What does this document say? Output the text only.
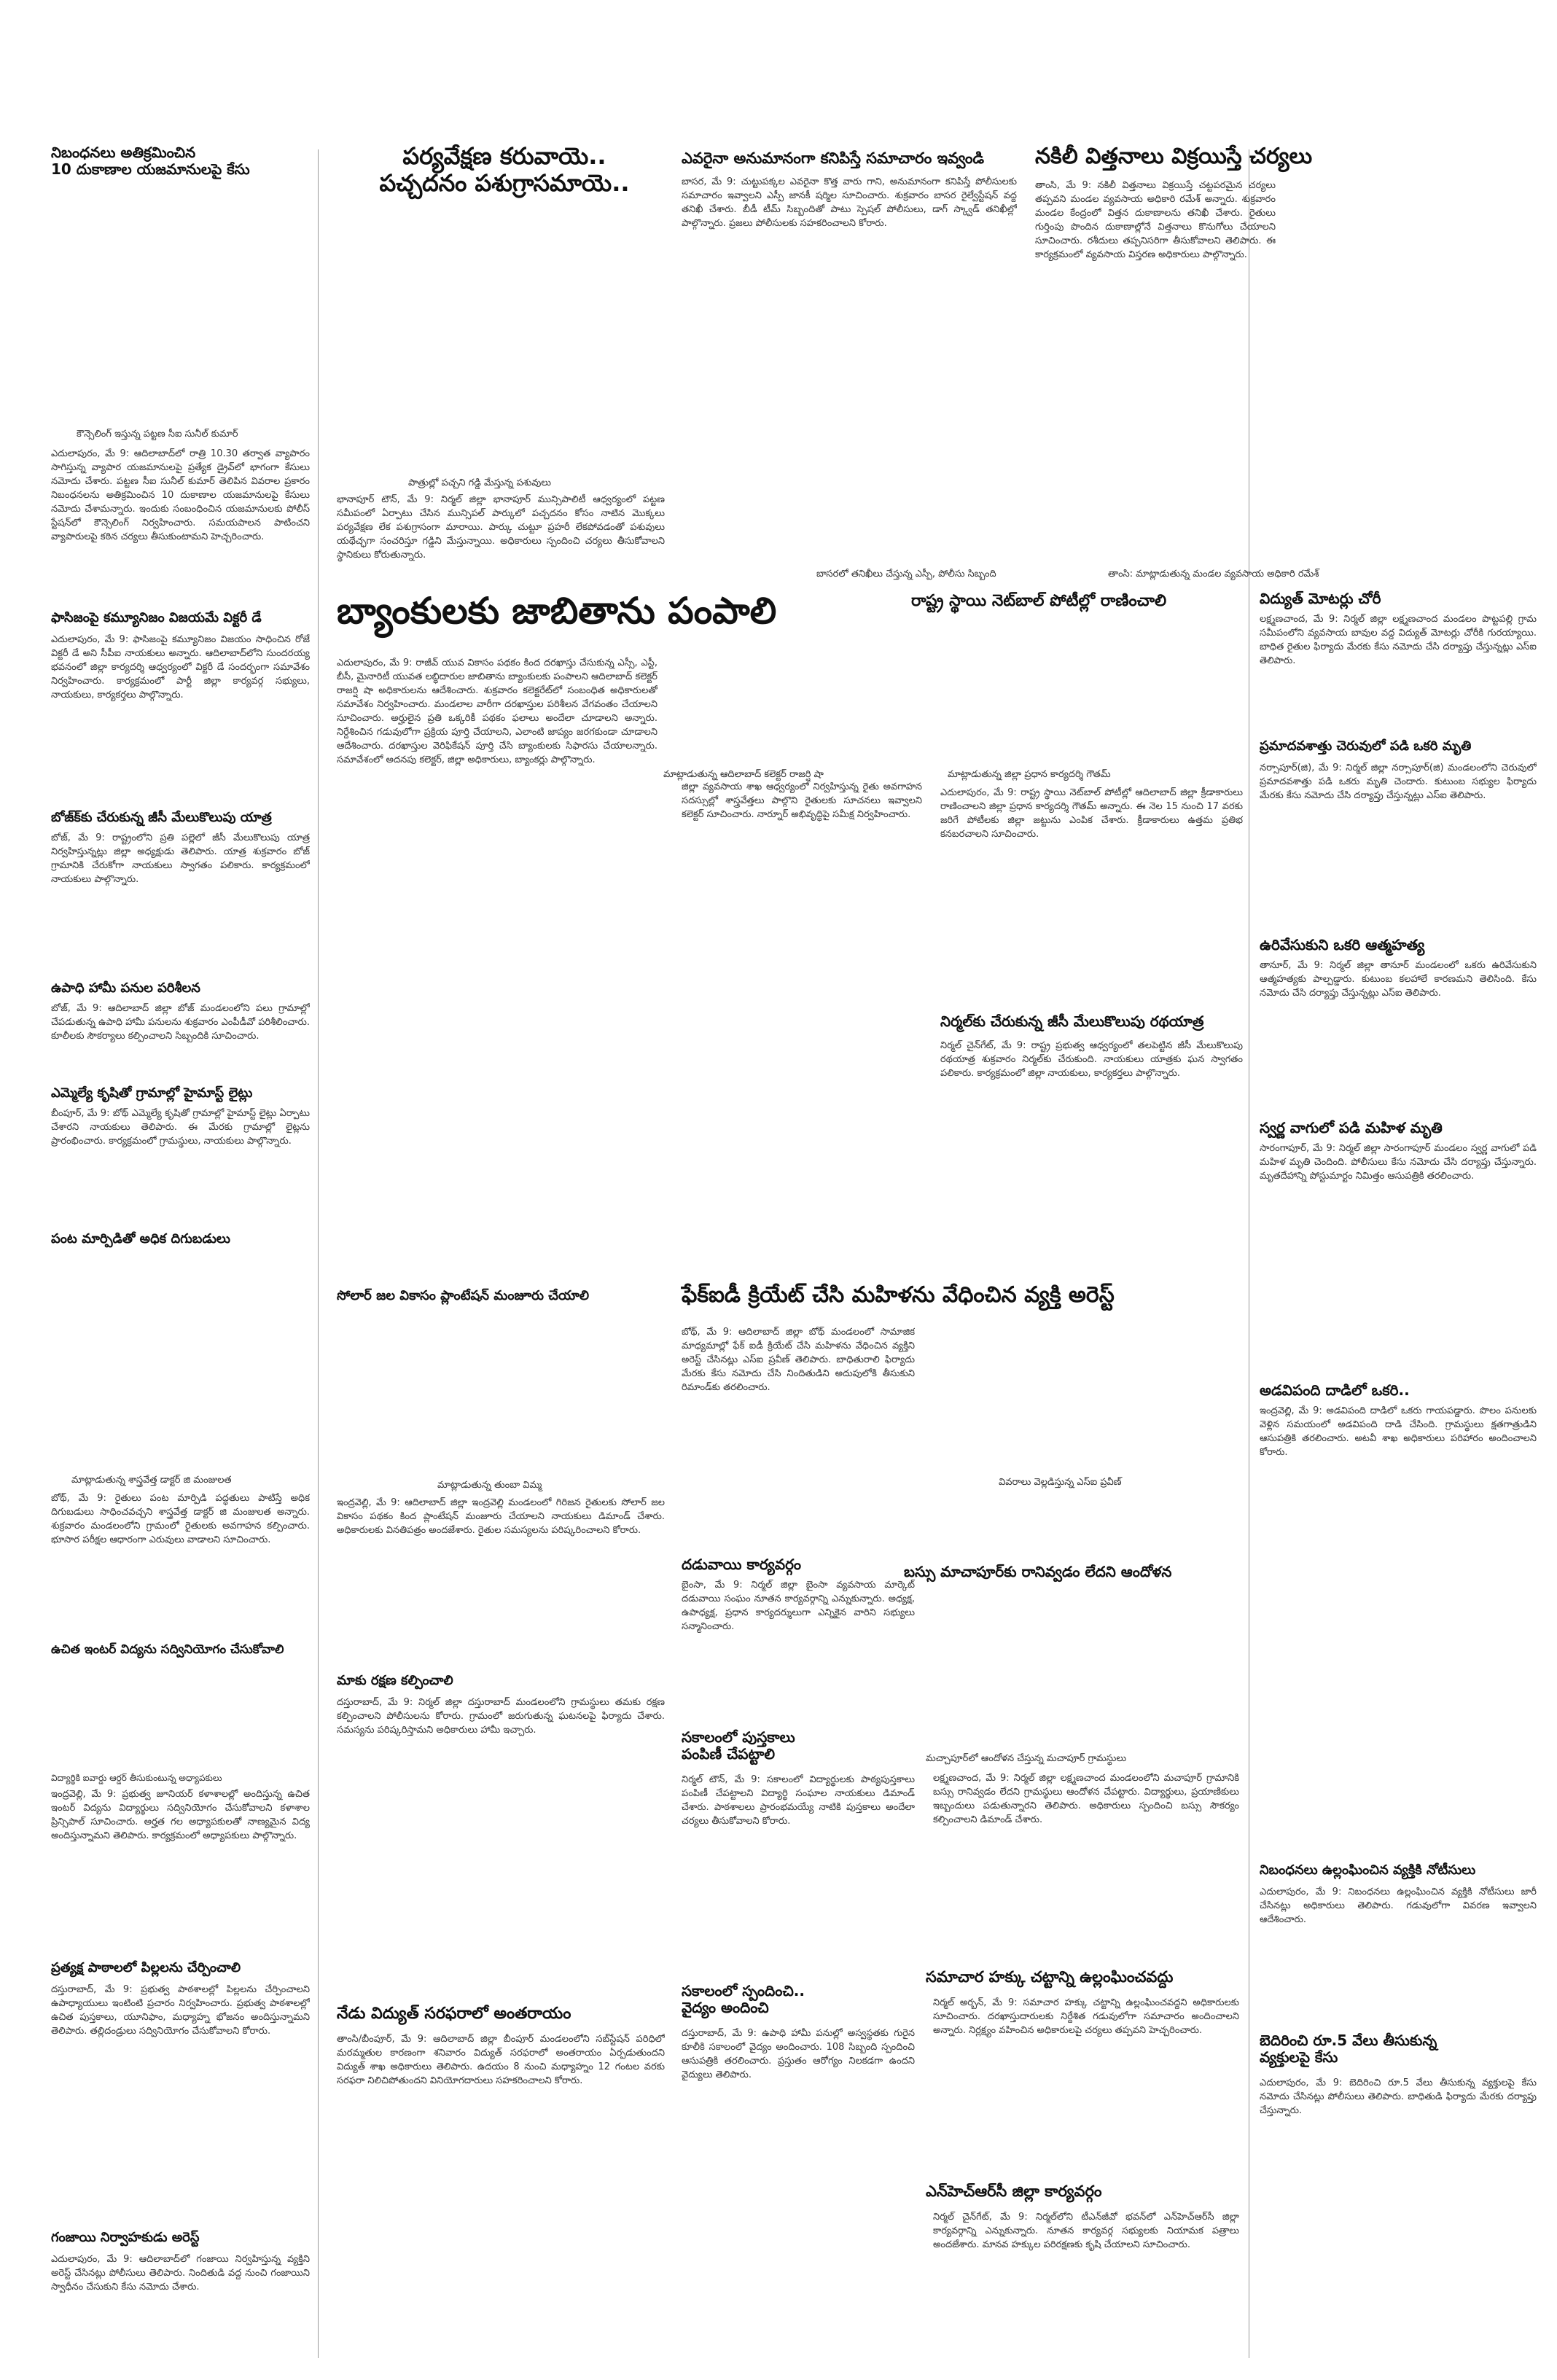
నిబంధనలు అతిక్రమించిన
10 దుకాణాల యజమానులపై కేసు
కౌన్సెలింగ్ ఇస్తున్న పట్టణ సీఐ సునీల్ కుమార్
ఎదులాపురం, మే 9: ఆదిలాబాద్‌లో రాత్రి 10.30 తర్వాత వ్యాపారం సాగిస్తున్న వ్యాపార యజమానులపై ప్రత్యేక డ్రైవ్‌లో భాగంగా కేసులు నమోదు చేశారు. పట్టణ సీఐ సునీల్ కుమార్ తెలిపిన వివరాల ప్రకారం నిబంధనలను అతిక్రమించిన 10 దుకాణాల యజమానులపై కేసులు నమోదు చేశామన్నారు. ఇందుకు సంబంధించిన యజమానులకు పోలీస్ స్టేషన్‌లో కౌన్సెలింగ్ నిర్వహించారు. సమయపాలన పాటించని వ్యాపారులపై కఠిన చర్యలు తీసుకుంటామని హెచ్చరించారు.
ఫాసిజంపై కమ్యూనిజం విజయమే విక్టరీ డే
ఎదులాపురం, మే 9: ఫాసిజంపై కమ్యూనిజం విజయం సాధించిన రోజే విక్టరీ డే అని సీపీఐ నాయకులు అన్నారు. ఆదిలాబాద్‌లోని సుందరయ్య భవనంలో జిల్లా కార్యదర్శి ఆధ్వర్యంలో విక్టరీ డే సందర్భంగా సమావేశం నిర్వహించారు. కార్యక్రమంలో పార్టీ జిల్లా కార్యవర్గ సభ్యులు, నాయకులు, కార్యకర్తలు పాల్గొన్నారు.
బోజ్‌క్‌కు చేరుకున్న జీసీ మేలుకొలుపు యాత్ర
బోజ్, మే 9: రాష్ట్రంలోని ప్రతి పల్లెలో జీసీ మేలుకొలుపు యాత్ర నిర్వహిస్తున్నట్లు జిల్లా అధ్యక్షుడు తెలిపారు. యాత్ర శుక్రవారం బోజ్ గ్రామానికి చేరుకోగా నాయకులు స్వాగతం పలికారు. కార్యక్రమంలో నాయకులు పాల్గొన్నారు.
ఉపాధి హామీ పనుల పరిశీలన
బోజ్, మే 9: ఆదిలాబాద్ జిల్లా బోజ్ మండలంలోని పలు గ్రామాల్లో చేపడుతున్న ఉపాధి హామీ పనులను శుక్రవారం ఎంపీడీవో పరిశీలించారు. కూలీలకు సౌకర్యాలు కల్పించాలని సిబ్బందికి సూచించారు.
ఎమ్మెల్యే కృషితో గ్రామాల్లో హైమాస్ట్ లైట్లు
బీంపూర్, మే 9: బోథ్ ఎమ్మెల్యే కృషితో గ్రామాల్లో హైమాస్ట్ లైట్లు ఏర్పాటు చేశారని నాయకులు తెలిపారు. ఈ మేరకు గ్రామాల్లో లైట్లను ప్రారంభించారు. కార్యక్రమంలో గ్రామస్థులు, నాయకులు పాల్గొన్నారు.
పంట మార్పిడితో అధిక దిగుబడులు
మాట్లాడుతున్న శాస్త్రవేత్త డాక్టర్ జి మంజులత
బోథ్, మే 9: రైతులు పంట మార్పిడి పద్ధతులు పాటిస్తే అధిక దిగుబడులు సాధించవచ్చని శాస్త్రవేత్త డాక్టర్ జి మంజులత అన్నారు. శుక్రవారం మండలంలోని గ్రామంలో రైతులకు అవగాహన కల్పించారు. భూసార పరీక్షల ఆధారంగా ఎరువులు వాడాలని సూచించారు.
ఉచిత ఇంటర్ విద్యను సద్వినియోగం చేసుకోవాలి
విద్యార్థికి ఐవార్డు ఆర్డర్ తీసుకుంటున్న అధ్యాపకులు
ఇంద్రవెల్లి, మే 9: ప్రభుత్వ జూనియర్ కళాశాలల్లో అందిస్తున్న ఉచిత ఇంటర్ విద్యను విద్యార్థులు సద్వినియోగం చేసుకోవాలని కళాశాల ప్రిన్సిపాల్ సూచించారు. అర్హత గల అధ్యాపకులతో నాణ్యమైన విద్య అందిస్తున్నామని తెలిపారు. కార్యక్రమంలో అధ్యాపకులు పాల్గొన్నారు.
ప్రత్యక్ష పాఠాలలో పిల్లలను చేర్పించాలి
దస్తురాబాద్, మే 9: ప్రభుత్వ పాఠశాలల్లో పిల్లలను చేర్పించాలని ఉపాధ్యాయులు ఇంటింటి ప్రచారం నిర్వహించారు. ప్రభుత్వ పాఠశాలల్లో ఉచిత పుస్తకాలు, యూనిఫాం, మధ్యాహ్న భోజనం అందిస్తున్నామని తెలిపారు. తల్లిదండ్రులు సద్వినియోగం చేసుకోవాలని కోరారు.
గంజాయి నిర్వాహకుడు అరెస్ట్
ఎదులాపురం, మే 9: ఆదిలాబాద్‌లో గంజాయి నిర్వహిస్తున్న వ్యక్తిని అరెస్ట్ చేసినట్లు పోలీసులు తెలిపారు. నిందితుడి వద్ద నుంచి గంజాయిని స్వాధీనం చేసుకుని కేసు నమోదు చేశారు.
పర్యవేక్షణ కరువాయె..
పచ్చదనం పశుగ్రాసమాయె..
పాత్రుల్లో పచ్చని గడ్డి మేస్తున్న పశువులు
భానాపూర్ టౌన్, మే 9: నిర్మల్ జిల్లా భానాపూర్ మున్సిపాలిటీ ఆధ్వర్యంలో పట్టణ సమీపంలో ఏర్పాటు చేసిన మున్సిపల్ పార్కులో పచ్చదనం కోసం నాటిన మొక్కలు పర్యవేక్షణ లేక పశుగ్రాసంగా మారాయి. పార్కు చుట్టూ ప్రహరీ లేకపోవడంతో పశువులు యథేచ్ఛగా సంచరిస్తూ గడ్డిని మేస్తున్నాయి. అధికారులు స్పందించి చర్యలు తీసుకోవాలని స్థానికులు కోరుతున్నారు.
బ్యాంకులకు జాబితాను పంపాలి
ఎదులాపురం, మే 9: రాజీవ్ యువ వికాసం పథకం కింద దరఖాస్తు చేసుకున్న ఎస్సీ, ఎస్టీ, బీసీ, మైనారిటీ యువత లబ్ధిదారుల జాబితాను బ్యాంకులకు పంపాలని ఆదిలాబాద్ కలెక్టర్ రాజర్షి షా అధికారులను ఆదేశించారు. శుక్రవారం కలెక్టరేట్‌లో సంబంధిత అధికారులతో సమావేశం నిర్వహించారు. మండలాల వారీగా దరఖాస్తుల పరిశీలన వేగవంతం చేయాలని సూచించారు. అర్హులైన ప్రతి ఒక్కరికీ పథకం ఫలాలు అందేలా చూడాలని అన్నారు. నిర్దేశించిన గడువులోగా ప్రక్రియ పూర్తి చేయాలని, ఎలాంటి జాప్యం జరగకుండా చూడాలని ఆదేశించారు. దరఖాస్తుల వెరిఫికేషన్ పూర్తి చేసి బ్యాంకులకు సిఫారసు చేయాలన్నారు. సమావేశంలో అదనపు కలెక్టర్, జిల్లా అధికారులు, బ్యాంకర్లు పాల్గొన్నారు.
సోలార్ జల వికాసం ప్లాంటేషన్ మంజూరు చేయాలి
మాట్లాడుతున్న తుంబా విమ్మ
ఇంద్రవెల్లి, మే 9: ఆదిలాబాద్ జిల్లా ఇంద్రవెల్లి మండలంలో గిరిజన రైతులకు సోలార్ జల వికాసం పథకం కింద ప్లాంటేషన్ మంజూరు చేయాలని నాయకులు డిమాండ్ చేశారు. అధికారులకు వినతిపత్రం అందజేశారు. రైతుల సమస్యలను పరిష్కరించాలని కోరారు.
మాకు రక్షణ కల్పించాలి
దస్తురాబాద్, మే 9: నిర్మల్ జిల్లా దస్తురాబాద్ మండలంలోని గ్రామస్థులు తమకు రక్షణ కల్పించాలని పోలీసులను కోరారు. గ్రామంలో జరుగుతున్న ఘటనలపై ఫిర్యాదు చేశారు. సమస్యను పరిష్కరిస్తామని అధికారులు హామీ ఇచ్చారు.
నేడు విద్యుత్ సరఫరాలో అంతరాయం
తాంసి/బీంపూర్, మే 9: ఆదిలాబాద్ జిల్లా బీంపూర్ మండలంలోని సబ్‌స్టేషన్ పరిధిలో మరమ్మతుల కారణంగా శనివారం విద్యుత్ సరఫరాలో అంతరాయం ఏర్పడుతుందని విద్యుత్ శాఖ అధికారులు తెలిపారు. ఉదయం 8 నుంచి మధ్యాహ్నం 12 గంటల వరకు సరఫరా నిలిచిపోతుందని వినియోగదారులు సహకరించాలని కోరారు.
ఎవరైనా అనుమానంగా కనిపిస్తే సమాచారం ఇవ్వండి
బాసర, మే 9: చుట్టుపక్కల ఎవరైనా కొత్త వారు గాని, అనుమానంగా కనిపిస్తే పోలీసులకు సమాచారం ఇవ్వాలని ఎస్పీ జానకీ షర్మిల సూచించారు. శుక్రవారం బాసర రైల్వేస్టేషన్ వద్ద తనిఖీ చేశారు. బీడీ టీమ్ సిబ్బందితో పాటు స్పెషల్ పోలీసులు, డాగ్ స్క్వాడ్ తనిఖీల్లో పాల్గొన్నారు. ప్రజలు పోలీసులకు సహకరించాలని కోరారు.
బాసరలో తనిఖీలు చేస్తున్న ఎస్పీ, పోలీసు సిబ్బంది
జిల్లా వ్యవసాయ శాఖ ఆధ్వర్యంలో నిర్వహిస్తున్న రైతు అవగాహన సదస్సుల్లో శాస్త్రవేత్తలు పాల్గొని రైతులకు సూచనలు ఇవ్వాలని కలెక్టర్ సూచించారు. నార్నూర్ అభివృద్ధిపై సమీక్ష నిర్వహించారు.
మాట్లాడుతున్న ఆదిలాబాద్ కలెక్టర్ రాజర్షి షా
రాష్ట్ర స్థాయి నెట్‌బాల్ పోటీల్లో రాణించాలి
మాట్లాడుతున్న జిల్లా ప్రధాన కార్యదర్శి గౌతమ్
ఎదులాపురం, మే 9: రాష్ట్ర స్థాయి నెట్‌బాల్ పోటీల్లో ఆదిలాబాద్ జిల్లా క్రీడాకారులు రాణించాలని జిల్లా ప్రధాన కార్యదర్శి గౌతమ్ అన్నారు. ఈ నెల 15 నుంచి 17 వరకు జరిగే పోటీలకు జిల్లా జట్టును ఎంపిక చేశారు. క్రీడాకారులు ఉత్తమ ప్రతిభ కనబరచాలని సూచించారు.
నిర్మల్‌కు చేరుకున్న జీసీ మేలుకొలుపు రథయాత్ర
నిర్మల్ చైన్‌గేట్, మే 9: రాష్ట్ర ప్రభుత్వ ఆధ్వర్యంలో తలపెట్టిన జీసీ మేలుకొలుపు రథయాత్ర శుక్రవారం నిర్మల్‌కు చేరుకుంది. నాయకులు యాత్రకు ఘన స్వాగతం పలికారు. కార్యక్రమంలో జిల్లా నాయకులు, కార్యకర్తలు పాల్గొన్నారు.
ఫేక్‌ఐడీ క్రియేట్ చేసి మహిళను వేధించిన వ్యక్తి అరెస్ట్
బోథ్, మే 9: ఆదిలాబాద్ జిల్లా బోథ్ మండలంలో సామాజిక మాధ్యమాల్లో ఫేక్ ఐడీ క్రియేట్ చేసి మహిళను వేధించిన వ్యక్తిని అరెస్ట్ చేసినట్లు ఎస్ఐ ప్రవీణ్ తెలిపారు. బాధితురాలి ఫిర్యాదు మేరకు కేసు నమోదు చేసి నిందితుడిని అదుపులోకి తీసుకుని రిమాండ్‌కు తరలించారు.
వివరాలు వెల్లడిస్తున్న ఎస్ఐ ప్రవీణ్
దడువాయి కార్యవర్గం
బైంసా, మే 9: నిర్మల్ జిల్లా బైంసా వ్యవసాయ మార్కెట్ దడువాయి సంఘం నూతన కార్యవర్గాన్ని ఎన్నుకున్నారు. అధ్యక్ష, ఉపాధ్యక్ష, ప్రధాన కార్యదర్శులుగా ఎన్నికైన వారిని సభ్యులు సన్మానించారు.
బస్సు మాచాపూర్‌కు రానివ్వడం లేదని ఆందోళన
సకాలంలో పుస్తకాలు
పంపిణీ చేపట్టాలి
నిర్మల్ టౌన్, మే 9: సకాలంలో విద్యార్థులకు పాఠ్యపుస్తకాలు పంపిణీ చేపట్టాలని విద్యార్థి సంఘాల నాయకులు డిమాండ్ చేశారు. పాఠశాలలు ప్రారంభమయ్యే నాటికి పుస్తకాలు అందేలా చర్యలు తీసుకోవాలని కోరారు.
మచ్చాపూర్‌లో ఆందోళన చేస్తున్న మచాపూర్ గ్రామస్థులు
లక్ష్మణచాంద, మే 9: నిర్మల్ జిల్లా లక్ష్మణచాంద మండలంలోని మచాపూర్ గ్రామానికి బస్సు రానివ్వడం లేదని గ్రామస్థులు ఆందోళన చేపట్టారు. విద్యార్థులు, ప్రయాణికులు ఇబ్బందులు పడుతున్నారని తెలిపారు. అధికారులు స్పందించి బస్సు సౌకర్యం కల్పించాలని డిమాండ్ చేశారు.
సకాలంలో స్పందించి..
వైద్యం అందించి
దస్తురాబాద్, మే 9: ఉపాధి హామీ పనుల్లో అస్వస్థతకు గురైన కూలీకి సకాలంలో వైద్యం అందించారు. 108 సిబ్బంది స్పందించి ఆసుపత్రికి తరలించారు. ప్రస్తుతం ఆరోగ్యం నిలకడగా ఉందని వైద్యులు తెలిపారు.
సమాచార హక్కు చట్టాన్ని ఉల్లంఘించవద్దు
నిర్మల్ అర్బన్, మే 9: సమాచార హక్కు చట్టాన్ని ఉల్లంఘించవద్దని అధికారులకు సూచించారు. దరఖాస్తుదారులకు నిర్దేశిత గడువులోగా సమాచారం అందించాలని అన్నారు. నిర్లక్ష్యం వహించిన అధికారులపై చర్యలు తప్పవని హెచ్చరించారు.
ఎన్‌హెచ్‌ఆర్‌సీ జిల్లా కార్యవర్గం
నిర్మల్ చైన్‌గేట్, మే 9: నిర్మల్‌లోని టీఎన్‌జీవో భవన్‌లో ఎన్‌హెచ్‌ఆర్‌సీ జిల్లా కార్యవర్గాన్ని ఎన్నుకున్నారు. నూతన కార్యవర్గ సభ్యులకు నియామక పత్రాలు అందజేశారు. మానవ హక్కుల పరిరక్షణకు కృషి చేయాలని సూచించారు.
నకిలీ విత్తనాలు విక్రయిస్తే చర్యలు
తాంసి, మే 9: నకిలీ విత్తనాలు విక్రయిస్తే చట్టపరమైన చర్యలు తప్పవని మండల వ్యవసాయ అధికారి రమేశ్ అన్నారు. శుక్రవారం మండల కేంద్రంలో విత్తన దుకాణాలను తనిఖీ చేశారు. రైతులు గుర్తింపు పొందిన దుకాణాల్లోనే విత్తనాలు కొనుగోలు చేయాలని సూచించారు. రశీదులు తప్పనిసరిగా తీసుకోవాలని తెలిపారు. ఈ కార్యక్రమంలో వ్యవసాయ విస్తరణ అధికారులు పాల్గొన్నారు.
తాంసి: మాట్లాడుతున్న మండల వ్యవసాయ అధికారి రమేశ్
విద్యుత్ మోటర్లు చోరీ
లక్ష్మణచాంద, మే 9: నిర్మల్ జిల్లా లక్ష్మణచాంద మండలం పొట్టపల్లి గ్రామ సమీపంలోని వ్యవసాయ బావుల వద్ద విద్యుత్ మోటర్లు చోరీకి గురయ్యాయి. బాధిత రైతుల ఫిర్యాదు మేరకు కేసు నమోదు చేసి దర్యాప్తు చేస్తున్నట్లు ఎస్ఐ తెలిపారు.
ప్రమాదవశాత్తు చెరువులో పడి ఒకరి మృతి
నర్సాపూర్(జి), మే 9: నిర్మల్ జిల్లా నర్సాపూర్(జి) మండలంలోని చెరువులో ప్రమాదవశాత్తు పడి ఒకరు మృతి చెందారు. కుటుంబ సభ్యుల ఫిర్యాదు మేరకు కేసు నమోదు చేసి దర్యాప్తు చేస్తున్నట్లు ఎస్ఐ తెలిపారు.
ఉరివేసుకుని ఒకరి ఆత్మహత్య
తానూర్, మే 9: నిర్మల్ జిల్లా తానూర్ మండలంలో ఒకరు ఉరివేసుకుని ఆత్మహత్యకు పాల్పడ్డారు. కుటుంబ కలహాలే కారణమని తెలిసింది. కేసు నమోదు చేసి దర్యాప్తు చేస్తున్నట్లు ఎస్ఐ తెలిపారు.
స్వర్ణ వాగులో పడి మహిళ మృతి
సారంగాపూర్, మే 9: నిర్మల్ జిల్లా సారంగాపూర్ మండలం స్వర్ణ వాగులో పడి మహిళ మృతి చెందింది. పోలీసులు కేసు నమోదు చేసి దర్యాప్తు చేస్తున్నారు. మృతదేహాన్ని పోస్టుమార్టం నిమిత్తం ఆసుపత్రికి తరలించారు.
అడవిపంది దాడిలో ఒకరి..
ఇంద్రవెల్లి, మే 9: అడవిపంది దాడిలో ఒకరు గాయపడ్డారు. పొలం పనులకు వెళ్లిన సమయంలో అడవిపంది దాడి చేసింది. గ్రామస్థులు క్షతగాత్రుడిని ఆసుపత్రికి తరలించారు. అటవీ శాఖ అధికారులు పరిహారం అందించాలని కోరారు.
నిబంధనలు ఉల్లంఘించిన వ్యక్తికి నోటీసులు
ఎదులాపురం, మే 9: నిబంధనలు ఉల్లంఘించిన వ్యక్తికి నోటీసులు జారీ చేసినట్లు అధికారులు తెలిపారు. గడువులోగా వివరణ ఇవ్వాలని ఆదేశించారు.
బెదిరించి రూ.5 వేలు తీసుకున్న
వ్యక్తులపై కేసు
ఎదులాపురం, మే 9: బెదిరించి రూ.5 వేలు తీసుకున్న వ్యక్తులపై కేసు నమోదు చేసినట్లు పోలీసులు తెలిపారు. బాధితుడి ఫిర్యాదు మేరకు దర్యాప్తు చేస్తున్నారు.
